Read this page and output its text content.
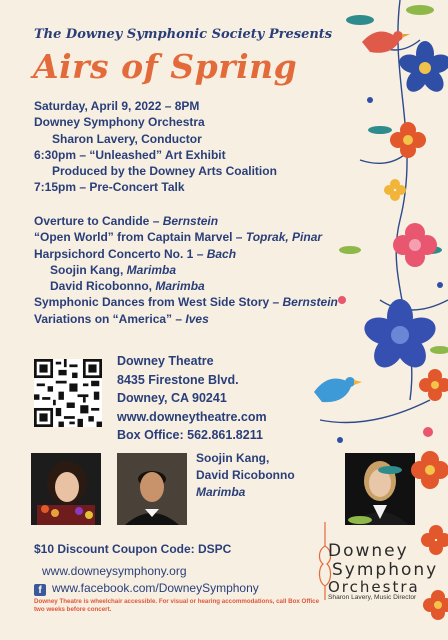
The Downey Symphonic Society Presents
Airs of Spring
Saturday, April 9, 2022 – 8PM
Downey Symphony Orchestra
Sharon Lavery, Conductor
6:30pm – “Unleashed” Art Exhibit
Produced by the Downey Arts Coalition
7:15pm – Pre-Concert Talk
Overture to Candide – Bernstein
“Open World” from Captain Marvel – Toprak, Pinar
Harpsichord Concerto No. 1 – Bach
Soojin Kang, Marimba
David Ricobonno, Marimba
Symphonic Dances from West Side Story – Bernstein
Variations on “America” – Ives
Downey Theatre
8435 Firestone Blvd.
Downey, CA 90241
www.downeytheatre.com
Box Office: 562.861.8211
Soojin Kang,
David Ricobonno
Marimba
$10 Discount Coupon Code: DSPC
www.downeysymphony.org
f www.facebook.com/DowneySymphony
Downey Theatre is wheelchair accessible. For visual or hearing accommodations, call Box Office two weeks before concert.
Downey
Symphony
Orchestra
Sharon Lavery, Music Director
